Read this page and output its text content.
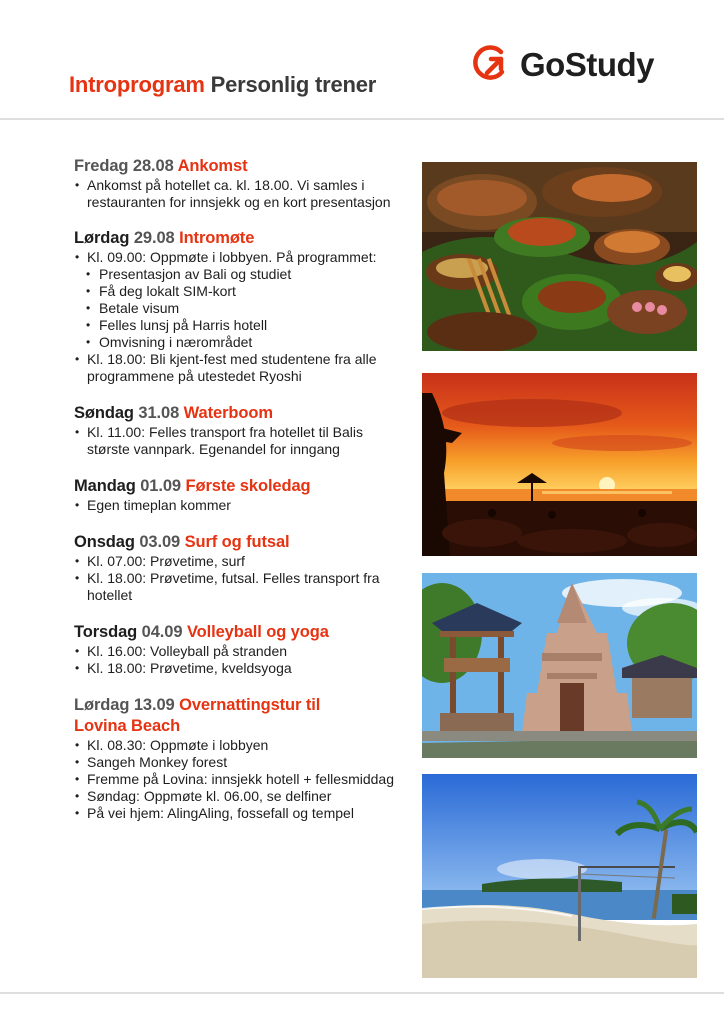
Introprogram Personlig trener
GoStudy
Fredag 28.08 Ankomst
• Ankomst på hotellet ca. kl. 18.00. Vi samles i restauranten for innsjekk og en kort presentasjon
Lørdag 29.08 Intromøte
• Kl. 09.00: Oppmøte i lobbyen. På programmet:
• Presentasjon av Bali og studiet
• Få deg lokalt SIM-kort
• Betale visum
• Felles lunsj på Harris hotell
• Omvisning i nærområdet
• Kl. 18.00: Bli kjent-fest med studentene fra alle programmene på utestedet Ryoshi
Søndag 31.08 Waterboom
• Kl. 11.00: Felles transport fra hotellet til Balis største vannpark. Egenandel for inngang
Mandag 01.09 Første skoledag
• Egen timeplan kommer
Onsdag 03.09 Surf og futsal
• Kl. 07.00: Prøvetime, surf
• Kl. 18.00: Prøvetime, futsal. Felles transport fra hotellet
Torsdag 04.09 Volleyball og yoga
• Kl. 16.00: Volleyball på stranden
• Kl. 18.00: Prøvetime, kveldsyoga
Lørdag 13.09 Overnattingstur til Lovina Beach
• Kl. 08.30: Oppmøte i lobbyen
• Sangeh Monkey forest
• Fremme på Lovina: innsjekk hotell + fellesmiddag
• Søndag: Oppmøte kl. 06.00, se delfiner
• På vei hjem: AlingAling, fossefall og tempel
